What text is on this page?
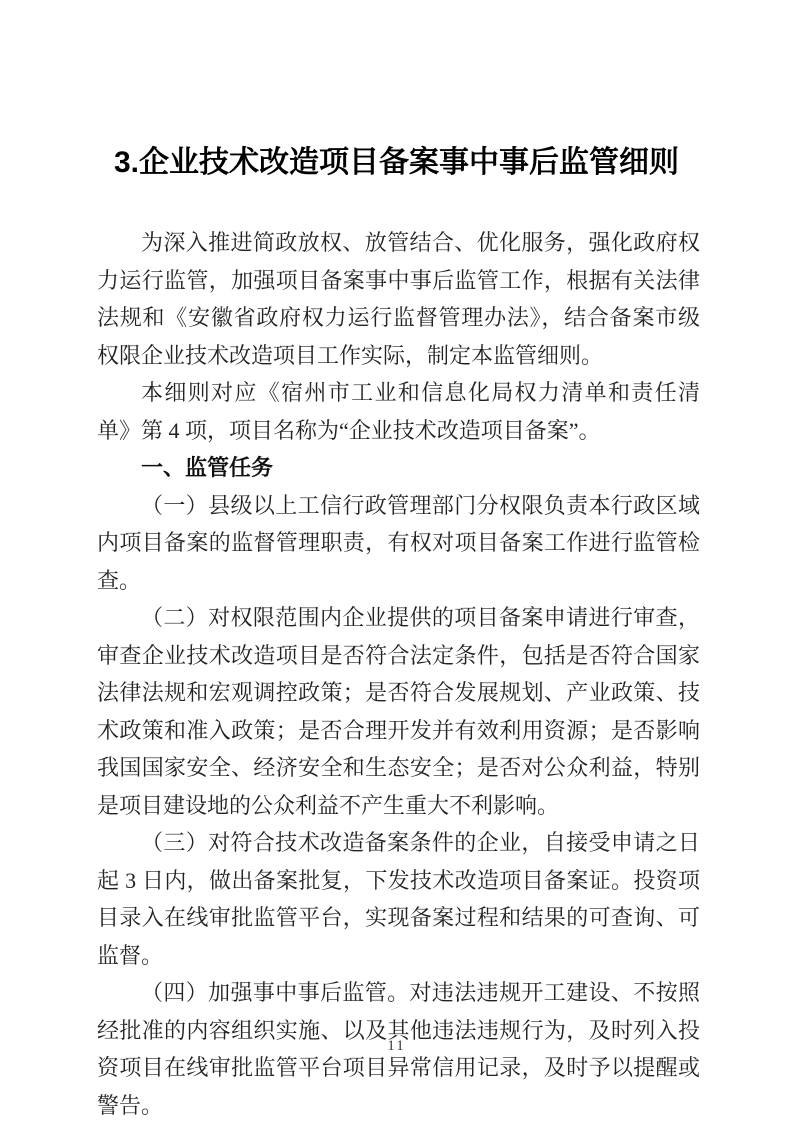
3.企业技术改造项目备案事中事后监管细则

为深入推进简政放权、放管结合、优化服务，强化政府权力运行监管，加强项目备案事中事后监管工作，根据有关法律法规和《安徽省政府权力运行监督管理办法》，结合备案市级权限企业技术改造项目工作实际，制定本监管细则。

本细则对应《宿州市工业和信息化局权力清单和责任清单》第 4 项，项目名称为“企业技术改造项目备案”。

一、监管任务

（一）县级以上工信行政管理部门分权限负责本行政区域内项目备案的监督管理职责，有权对项目备案工作进行监管检查。

（二）对权限范围内企业提供的项目备案申请进行审查，审查企业技术改造项目是否符合法定条件，包括是否符合国家法律法规和宏观调控政策；是否符合发展规划、产业政策、技术政策和准入政策；是否合理开发并有效利用资源；是否影响我国国家安全、经济安全和生态安全；是否对公众利益，特别是项目建设地的公众利益不产生重大不利影响。

（三）对符合技术改造备案条件的企业，自接受申请之日起 3 日内，做出备案批复，下发技术改造项目备案证。投资项目录入在线审批监管平台，实现备案过程和结果的可查询、可监督。

（四）加强事中事后监管。对违法违规开工建设、不按照经批准的内容组织实施、以及其他违法违规行为，及时列入投资项目在线审批监管平台项目异常信用记录，及时予以提醒或警告。

11
